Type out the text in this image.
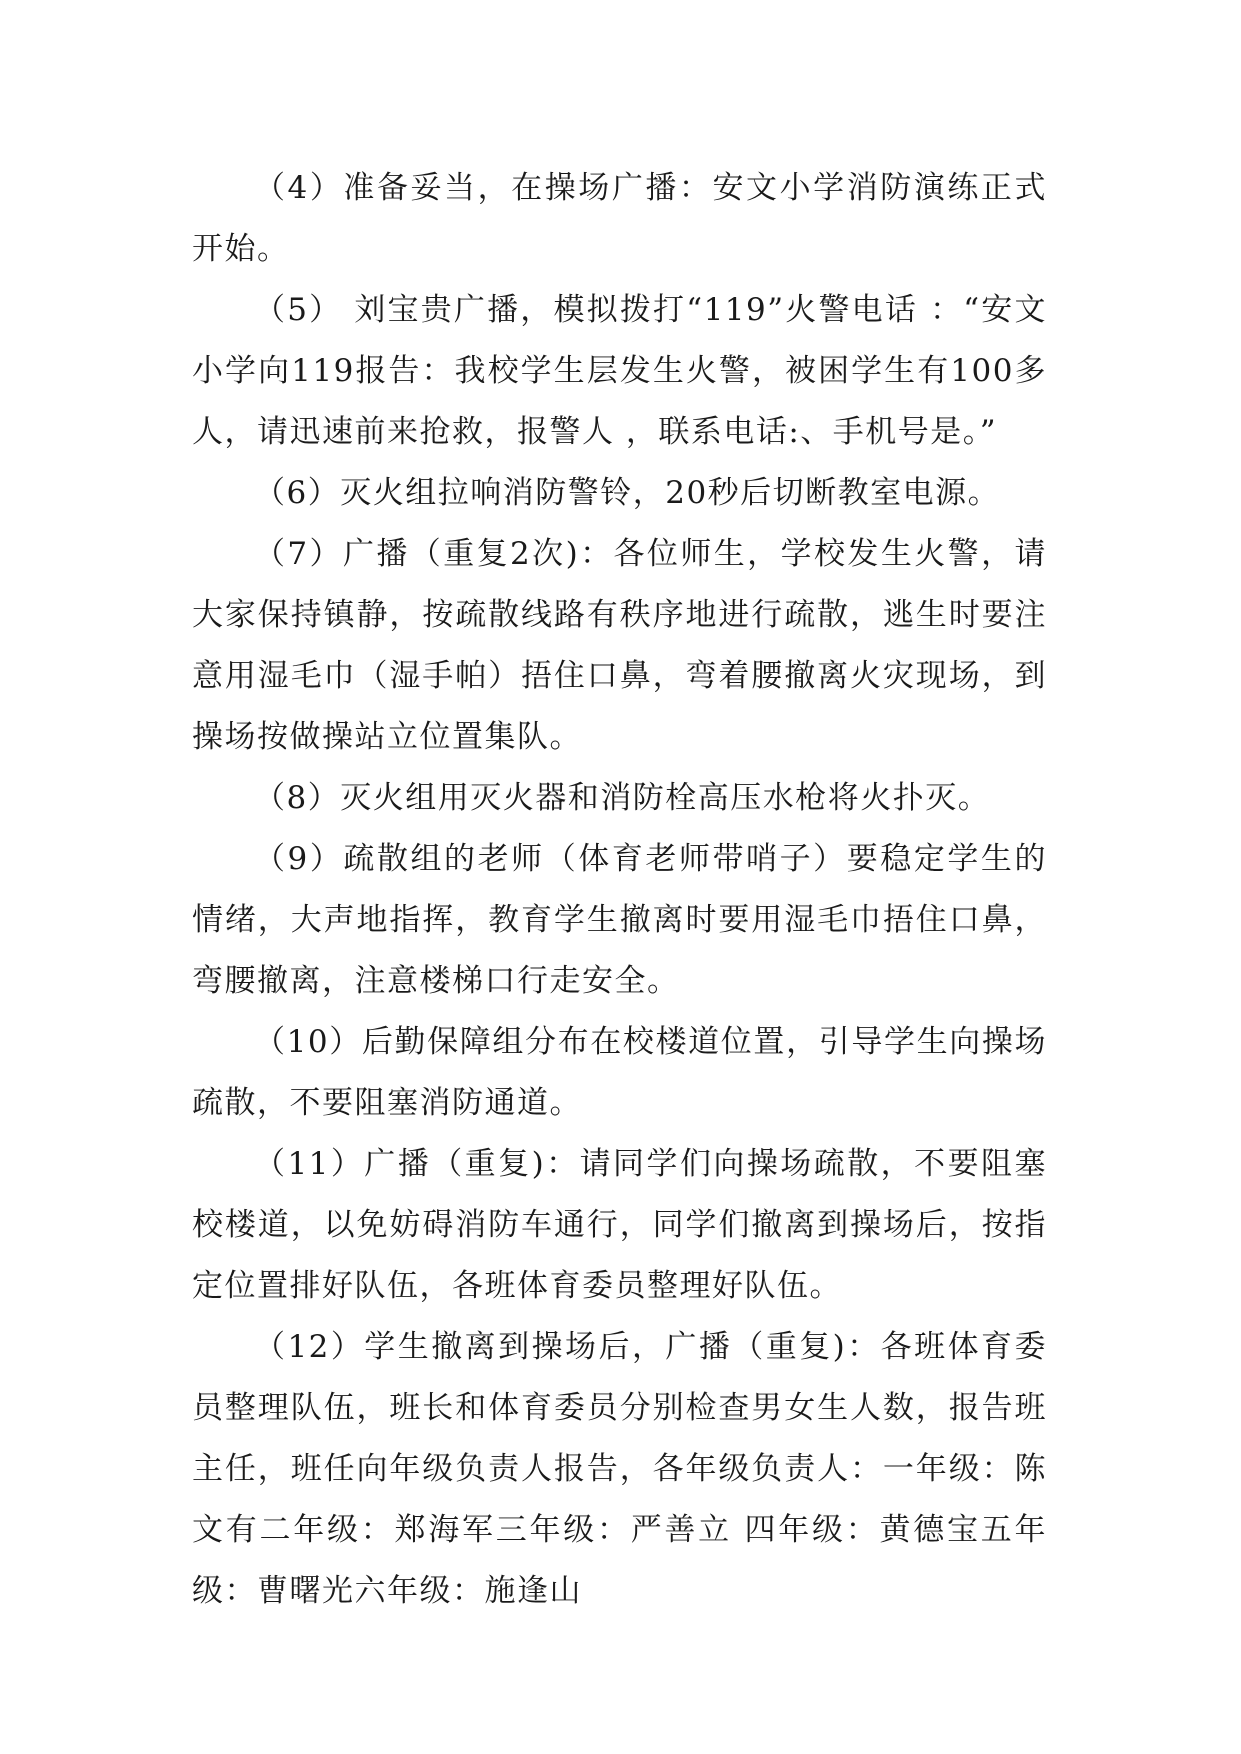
（4）准备妥当，在操场广播：安文小学消防演练正式开始。

（5） 刘宝贵广播，模拟拨打“119”火警电话 ：“安文小学向119报告：我校学生层发生火警，被困学生有100多人，请迅速前来抢救，报警人 ，联系电话:、手机号是。”

（6）灭火组拉响消防警铃，20秒后切断教室电源。

（7）广播（重复2次)：各位师生，学校发生火警，请大家保持镇静，按疏散线路有秩序地进行疏散，逃生时要注意用湿毛巾（湿手帕）捂住口鼻，弯着腰撤离火灾现场，到操场按做操站立位置集队。

（8）灭火组用灭火器和消防栓高压水枪将火扑灭。

（9）疏散组的老师（体育老师带哨子）要稳定学生的情绪，大声地指挥，教育学生撤离时要用湿毛巾捂住口鼻，弯腰撤离，注意楼梯口行走安全。

（10）后勤保障组分布在校楼道位置，引导学生向操场疏散，不要阻塞消防通道。

（11）广播（重复)：请同学们向操场疏散，不要阻塞校楼道，以免妨碍消防车通行，同学们撤离到操场后，按指定位置排好队伍，各班体育委员整理好队伍。

（12）学生撤离到操场后，广播（重复)：各班体育委员整理队伍，班长和体育委员分别检查男女生人数，报告班主任，班任向年级负责人报告，各年级负责人：一年级：陈文有二年级：郑海军三年级：严善立 四年级：黄德宝五年级：曹曙光六年级：施逢山
